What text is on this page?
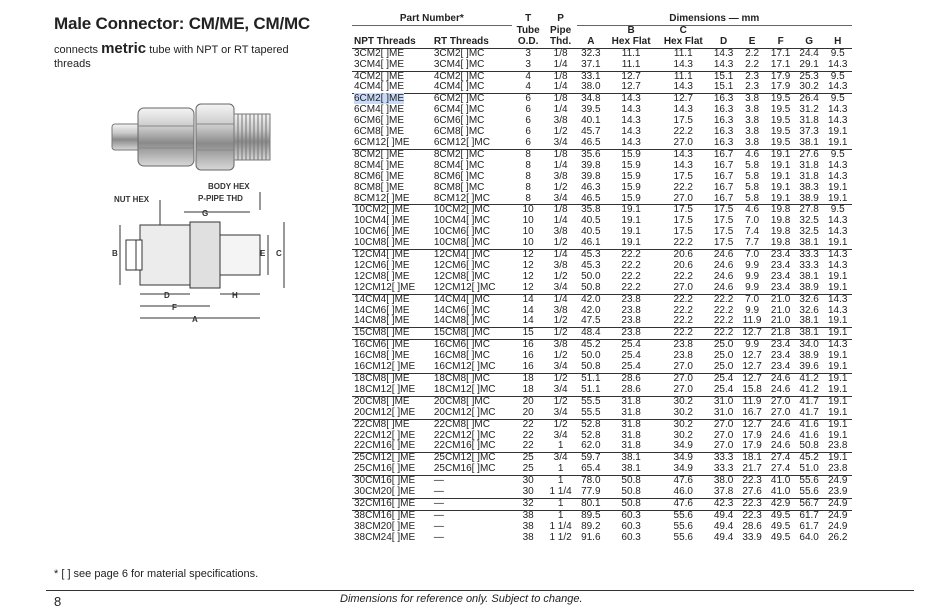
Male Connector: CM/ME, CM/MC
connects metric tube with NPT or RT tapered threads
BODY HEX
NUT HEX	P-PIPE THD
G
B	E C
D	H
F
A
Part Number*		T	P	Dimensions — mm							
		Tube	Pipe		B	C					
NPT Threads	RT Threads	O.D.	Thd.	A	Hex Flat	Hex Flat	D	E	F	G	H
3CM2[ ]ME	3CM2[ ]MC	3	1/8	32.3	11.1	11.1	14.3	2.2	17.1	24.4	9.5
3CM4[ ]ME	3CM4[ ]MC	3	1/4	37.1	11.1	14.3	14.3	2.2	17.1	29.1	14.3
4CM2[ ]ME	4CM2[ ]MC	4	1/8	33.1	12.7	11.1	15.1	2.3	17.9	25.3	9.5
4CM4[ ]ME	4CM4[ ]MC	4	1/4	38.0	12.7	14.3	15.1	2.3	17.9	30.2	14.3
6CM2[ ]ME	6CM2[ ]MC	6	1/8	34.8	14.3	12.7	16.3	3.8	19.5	26.4	9.5
6CM4[ ]ME	6CM4[ ]MC	6	1/4	39.5	14.3	14.3	16.3	3.8	19.5	31.2	14.3
6CM6[ ]ME	6CM6[ ]MC	6	3/8	40.1	14.3	17.5	16.3	3.8	19.5	31.8	14.3
6CM8[ ]ME	6CM8[ ]MC	6	1/2	45.7	14.3	22.2	16.3	3.8	19.5	37.3	19.1
6CM12[ ]ME	6CM12[ ]MC	6	3/4	46.5	14.3	27.0	16.3	3.8	19.5	38.1	19.1
8CM2[ ]ME	8CM2[ ]MC	8	1/8	35.6	15.9	14.3	16.7	4.6	19.1	27.6	9.5
8CM4[ ]ME	8CM4[ ]MC	8	1/4	39.8	15.9	14.3	16.7	5.8	19.1	31.8	14.3
8CM6[ ]ME	8CM6[ ]MC	8	3/8	39.8	15.9	17.5	16.7	5.8	19.1	31.8	14.3
8CM8[ ]ME	8CM8[ ]MC	8	1/2	46.3	15.9	22.2	16.7	5.8	19.1	38.3	19.1
8CM12[ ]ME	8CM12[ ]MC	8	3/4	46.5	15.9	27.0	16.7	5.8	19.1	38.9	19.1
10CM2[ ]ME	10CM2[ ]MC	10	1/8	35.8	19.1	17.5	17.5	4.6	19.8	27.8	9.5
10CM4[ ]ME	10CM4[ ]MC	10	1/4	40.5	19.1	17.5	17.5	7.0	19.8	32.5	14.3
10CM6[ ]ME	10CM6[ ]MC	10	3/8	40.5	19.1	17.5	17.5	7.4	19.8	32.5	14.3
10CM8[ ]ME	10CM8[ ]MC	10	1/2	46.1	19.1	22.2	17.5	7.7	19.8	38.1	19.1
12CM4[ ]ME	12CM4[ ]MC	12	1/4	45.3	22.2	20.6	24.6	7.0	23.4	33.3	14.3
12CM6[ ]ME	12CM6[ ]MC	12	3/8	45.3	22.2	20.6	24.6	9.9	23.4	33.3	14.3
12CM8[ ]ME	12CM8[ ]MC	12	1/2	50.0	22.2	22.2	24.6	9.9	23.4	38.1	19.1
12CM12[ ]ME	12CM12[ ]MC	12	3/4	50.8	22.2	27.0	24.6	9.9	23.4	38.9	19.1
14CM4[ ]ME	14CM4[ ]MC	14	1/4	42.0	23.8	22.2	22.2	7.0	21.0	32.6	14.3
14CM6[ ]ME	14CM6[ ]MC	14	3/8	42.0	23.8	22.2	22.2	9.9	21.0	32.6	14.3
14CM8[ ]ME	14CM8[ ]MC	14	1/2	47.5	23.8	22.2	22.2	11.9	21.0	38.1	19.1
15CM8[ ]ME	15CM8[ ]MC	15	1/2	48.4	23.8	22.2	22.2	12.7	21.8	38.1	19.1
16CM6[ ]ME	16CM6[ ]MC	16	3/8	45.2	25.4	23.8	25.0	9.9	23.4	34.0	14.3
16CM8[ ]ME	16CM8[ ]MC	16	1/2	50.0	25.4	23.8	25.0	12.7	23.4	38.9	19.1
16CM12[ ]ME	16CM12[ ]MC	16	3/4	50.8	25.4	27.0	25.0	12.7	23.4	39.6	19.1
18CM8[ ]ME	18CM8[ ]MC	18	1/2	51.1	28.6	27.0	25.4	12.7	24.6	41.2	19.1
18CM12[ ]ME	18CM12[ ]MC	18	3/4	51.1	28.6	27.0	25.4	15.8	24.6	41.2	19.1
20CM8[ ]ME	20CM8[ ]MC	20	1/2	55.5	31.8	30.2	31.0	11.9	27.0	41.7	19.1
20CM12[ ]ME	20CM12[ ]MC	20	3/4	55.5	31.8	30.2	31.0	16.7	27.0	41.7	19.1
22CM8[ ]ME	22CM8[ ]MC	22	1/2	52.8	31.8	30.2	27.0	12.7	24.6	41.6	19.1
22CM12[ ]ME	22CM12[ ]MC	22	3/4	52.8	31.8	30.2	27.0	17.9	24.6	41.6	19.1
22CM16[ ]ME	22CM16[ ]MC	22	1	62.0	31.8	34.9	27.0	17.9	24.6	50.8	23.8
25CM12[ ]ME	25CM12[ ]MC	25	3/4	59.7	38.1	34.9	33.3	18.1	27.4	45.2	19.1
25CM16[ ]ME	25CM16[ ]MC	25	1	65.4	38.1	34.9	33.3	21.7	27.4	51.0	23.8
30CM16[ ]ME	—	30	1	78.0	50.8	47.6	38.0	22.3	41.0	55.6	24.9
30CM20[ ]ME	—	30	1 1/4	77.9	50.8	46.0	37.8	27.6	41.0	55.6	23.9
32CM16[ ]ME	—	32	1	80.1	50.8	47.6	42.3	22.3	42.9	56.7	24.9
38CM16[ ]ME	—	38	1	89.5	60.3	55.6	49.4	22.3	49.5	61.7	24.9
38CM20[ ]ME	—	38	1 1/4	89.2	60.3	55.6	49.4	28.6	49.5	61.7	24.9
38CM24[ ]ME	—	38	1 1/2	91.6	60.3	55.6	49.4	33.9	49.5	64.0	26.2
* [ ] see page 6 for material specifications.
8	Dimensions for reference only. Subject to change.
